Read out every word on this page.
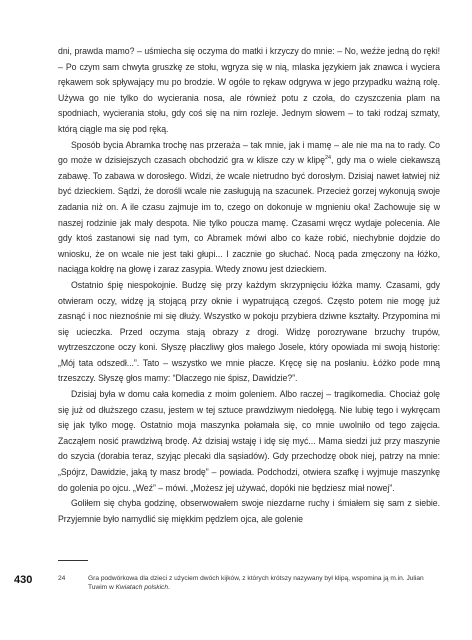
dni, prawda mamo? – uśmiecha się oczyma do matki i krzyczy do mnie: – No, weźże jedną do ręki! – Po czym sam chwyta gruszkę ze stołu, wgryza się w nią, mlaska językiem jak znawca i wyciera rękawem sok spływający mu po brodzie. W ogóle to rękaw odgrywa w jego przypadku ważną rolę. Używa go nie tylko do wycierania nosa, ale również potu z czoła, do czyszczenia plam na spodniach, wycierania stołu, gdy coś się na nim rozleje. Jednym słowem – to taki rodzaj szmaty, którą ciągle ma się pod ręką.

Sposób bycia Abramka trochę nas przeraża – tak mnie, jak i mamę – ale nie ma na to rady. Co go może w dzisiejszych czasach obchodzić gra w klisze czy w klipę$^{24}$, gdy ma o wiele ciekawszą zabawę. To zabawa w dorosłego. Widzi, że wcale nietrudno być dorosłym. Dzisiaj nawet łatwiej niż być dzieckiem. Sądzi, że dorośli wcale nie zasługują na szacunek. Przecież gorzej wykonują swoje zadania niż on. A ile czasu zajmuje im to, czego on dokonuje w mgnieniu oka! Zachowuje się w naszej rodzinie jak mały despota. Nie tylko poucza mamę. Czasami wręcz wydaje polecenia. Ale gdy ktoś zastanowi się nad tym, co Abramek mówi albo co każe robić, niechybnie dojdzie do wniosku, że on wcale nie jest taki głupi... I zacznie go słuchać. Nocą pada zmęczony na łóżko, naciąga kołdrę na głowę i zaraz zasypia. Wtedy znowu jest dzieckiem.

Ostatnio śpię niespokojnie. Budzę się przy każdym skrzypnięciu łóżka mamy. Czasami, gdy otwieram oczy, widzę ją stojącą przy oknie i wypatrującą czegoś. Często potem nie mogę już zasnąć i noc nieznośnie mi się dłuży. Wszystko w pokoju przybiera dziwne kształty. Przypomina mi się ucieczka. Przed oczyma stają obrazy z drogi. Widzę porozrywane brzuchy trupów, wytrzeszczone oczy koni. Słyszę płaczliwy głos małego Josele, który opowiada mi swoją historię: „Mój tata odszedł...”. Tato – wszystko we mnie płacze. Kręcę się na posłaniu. Łóżko pode mną trzeszczy. Słyszę głos mamy: “Dlaczego nie śpisz, Dawidzie?”.

Dzisiaj była w domu cała komedia z moim goleniem. Albo raczej – tragikomedia. Chociaż golę się już od dłuższego czasu, jestem w tej sztuce prawdziwym niedołęgą. Nie lubię tego i wykręcam się jak tylko mogę. Ostatnio moja maszynka połamała się, co mnie uwolniło od tego zajęcia. Zacząłem nosić prawdziwą brodę. Aż dzisiaj wstaję i idę się myć... Mama siedzi już przy maszynie do szycia (dorabia teraz, szyjąc plecaki dla sąsiadów). Gdy przechodzę obok niej, patrzy na mnie: „Spójrz, Dawidzie, jaką ty masz brodę” – powiada. Podchodzi, otwiera szafkę i wyjmuje maszynkę do golenia po ojcu. „Weź” – mówi. „Możesz jej używać, dopóki nie będziesz miał nowej”.

Goliłem się chyba godzinę, obserwowałem swoje niezdarne ruchy i śmiałem się sam z siebie. Przyjemnie było namydlić się miękkim pędzlem ojca, ale golenie

430	24	Gra podwórkowa dla dzieci z użyciem dwóch kijków, z których krótszy nazywany był klipą, wspomina ją m.in. Julian Tuwim w Kwiatach polskich.
